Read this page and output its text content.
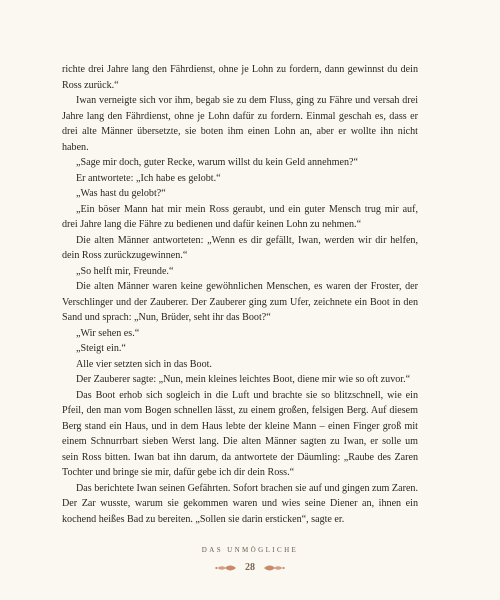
richte drei Jahre lang den Fährdienst, ohne je Lohn zu fordern, dann gewinnst du dein Ross zurück.“

Iwan verneigte sich vor ihm, begab sie zu dem Fluss, ging zu Fähre und versah drei Jahre lang den Fährdienst, ohne je Lohn dafür zu fordern. Einmal geschah es, dass er drei alte Männer übersetzte, sie boten ihm einen Lohn an, aber er wollte ihn nicht haben.

„Sage mir doch, guter Recke, warum willst du kein Geld annehmen?“

Er antwortete: „Ich habe es gelobt.“

„Was hast du gelobt?“

„Ein böser Mann hat mir mein Ross geraubt, und ein guter Mensch trug mir auf, drei Jahre lang die Fähre zu bedienen und dafür keinen Lohn zu nehmen.“

Die alten Männer antworteten: „Wenn es dir gefällt, Iwan, werden wir dir helfen, dein Ross zurückzugewinnen.“

„So helft mir, Freunde.“

Die alten Männer waren keine gewöhnlichen Menschen, es waren der Froster, der Verschlinger und der Zauberer. Der Zauberer ging zum Ufer, zeichnete ein Boot in den Sand und sprach: „Nun, Brüder, seht ihr das Boot?“

„Wir sehen es.“

„Steigt ein.“

Alle vier setzten sich in das Boot.

Der Zauberer sagte: „Nun, mein kleines leichtes Boot, diene mir wie so oft zuvor.“

Das Boot erhob sich sogleich in die Luft und brachte sie so blitzschnell, wie ein Pfeil, den man vom Bogen schnellen lässt, zu einem großen, felsigen Berg. Auf diesem Berg stand ein Haus, und in dem Haus lebte der kleine Mann – einen Finger groß mit einem Schnurrbart sieben Werst lang. Die alten Männer sagten zu Iwan, er solle um sein Ross bitten. Iwan bat ihn darum, da antwortete der Däumling: „Raube des Zaren Tochter und bringe sie mir, dafür gebe ich dir dein Ross.“

Das berichtete Iwan seinen Gefährten. Sofort brachen sie auf und gingen zum Zaren. Der Zar wusste, warum sie gekommen waren und wies seine Diener an, ihnen ein kochend heißes Bad zu bereiten. „Sollen sie darin ersticken“, sagte er.

DAS UNMÖGLICHE
28
